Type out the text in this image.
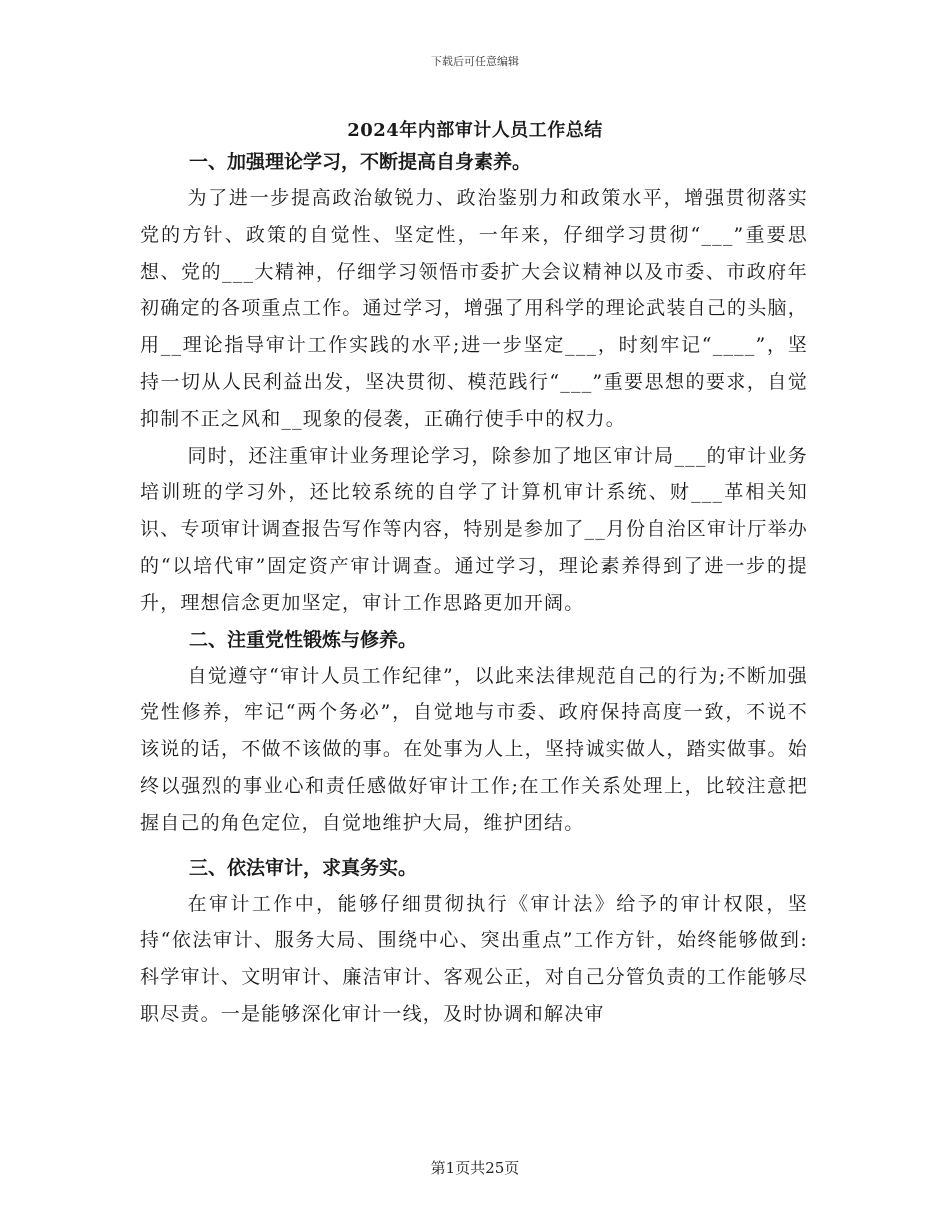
下载后可任意编辑
2024年内部审计人员工作总结
一、加强理论学习，不断提高自身素养。

为了进一步提高政治敏锐力、政治鉴别力和政策水平，增强贯彻落实党的方针、政策的自觉性、坚定性，一年来，仔细学习贯彻“___”重要思想、党的___大精神，仔细学习领悟市委扩大会议精神以及市委、市政府年初确定的各项重点工作。通过学习，增强了用科学的理论武装自己的头脑，用__理论指导审计工作实践的水平;进一步坚定___，时刻牢记“____”，坚持一切从人民利益出发，坚决贯彻、模范践行“___”重要思想的要求，自觉抑制不正之风和__现象的侵袭，正确行使手中的权力。

同时，还注重审计业务理论学习，除参加了地区审计局___的审计业务培训班的学习外，还比较系统的自学了计算机审计系统、财___革相关知识、专项审计调查报告写作等内容，特别是参加了__月份自治区审计厅举办的“以培代审”固定资产审计调查。通过学习，理论素养得到了进一步的提升，理想信念更加坚定，审计工作思路更加开阔。

二、注重党性锻炼与修养。

自觉遵守“审计人员工作纪律”，以此来法律规范自己的行为;不断加强党性修养，牢记“两个务必”，自觉地与市委、政府保持高度一致，不说不该说的话，不做不该做的事。在处事为人上，坚持诚实做人，踏实做事。始终以强烈的事业心和责任感做好审计工作;在工作关系处理上，比较注意把握自己的角色定位，自觉地维护大局，维护团结。

三、依法审计，求真务实。

在审计工作中，能够仔细贯彻执行《审计法》给予的审计权限，坚持“依法审计、服务大局、围绕中心、突出重点”工作方针，始终能够做到:科学审计、文明审计、廉洁审计、客观公正，对自己分管负责的工作能够尽职尽责。一是能够深化审计一线，及时协调和解决审

第1页共25页
